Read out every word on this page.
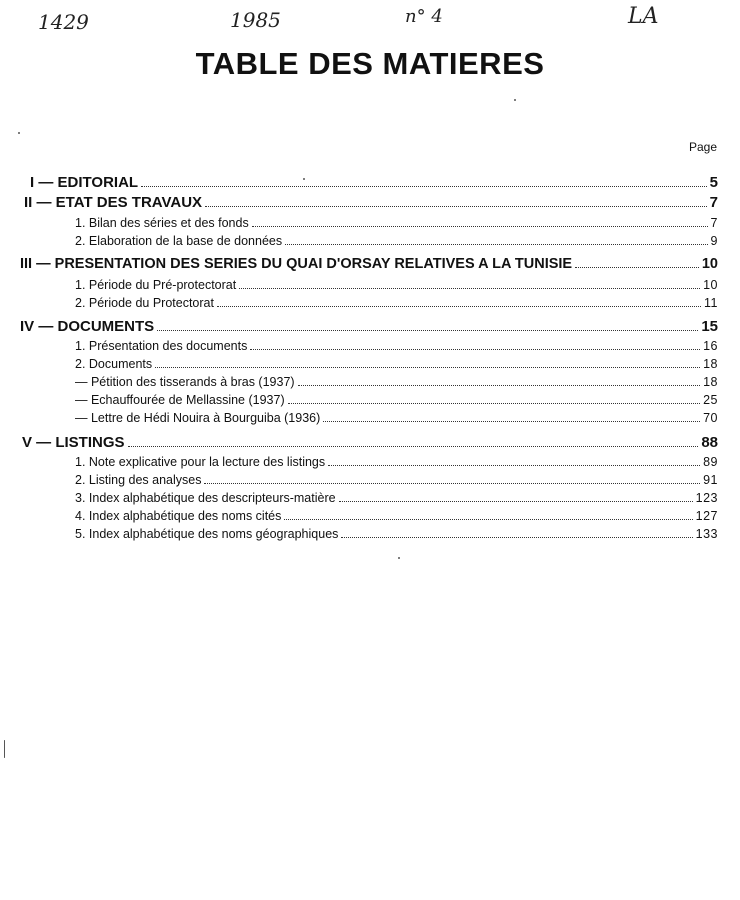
1429	1985	n° 4	LA
TABLE DES MATIERES
Page
I — EDITORIAL	5
II — ETAT DES TRAVAUX	7
1. Bilan des séries et des fonds	7
2. Elaboration de la base de données	9
III — PRESENTATION DES SERIES DU QUAI D'ORSAY RELATIVES A LA TUNISIE	10
1. Période du Pré-protectorat	10
2. Période du Protectorat	11
IV — DOCUMENTS	15
1. Présentation des documents	16
2. Documents	18
— Pétition des tisserands à bras (1937)	18
— Echauffourée de Mellassine (1937)	25
— Lettre de Hédi Nouira à Bourguiba (1936)	70
V — LISTINGS	88
1. Note explicative pour la lecture des listings	89
2. Listing des analyses	91
3. Index alphabétique des descripteurs-matière	123
4. Index alphabétique des noms cités	127
5. Index alphabétique des noms géographiques	133
